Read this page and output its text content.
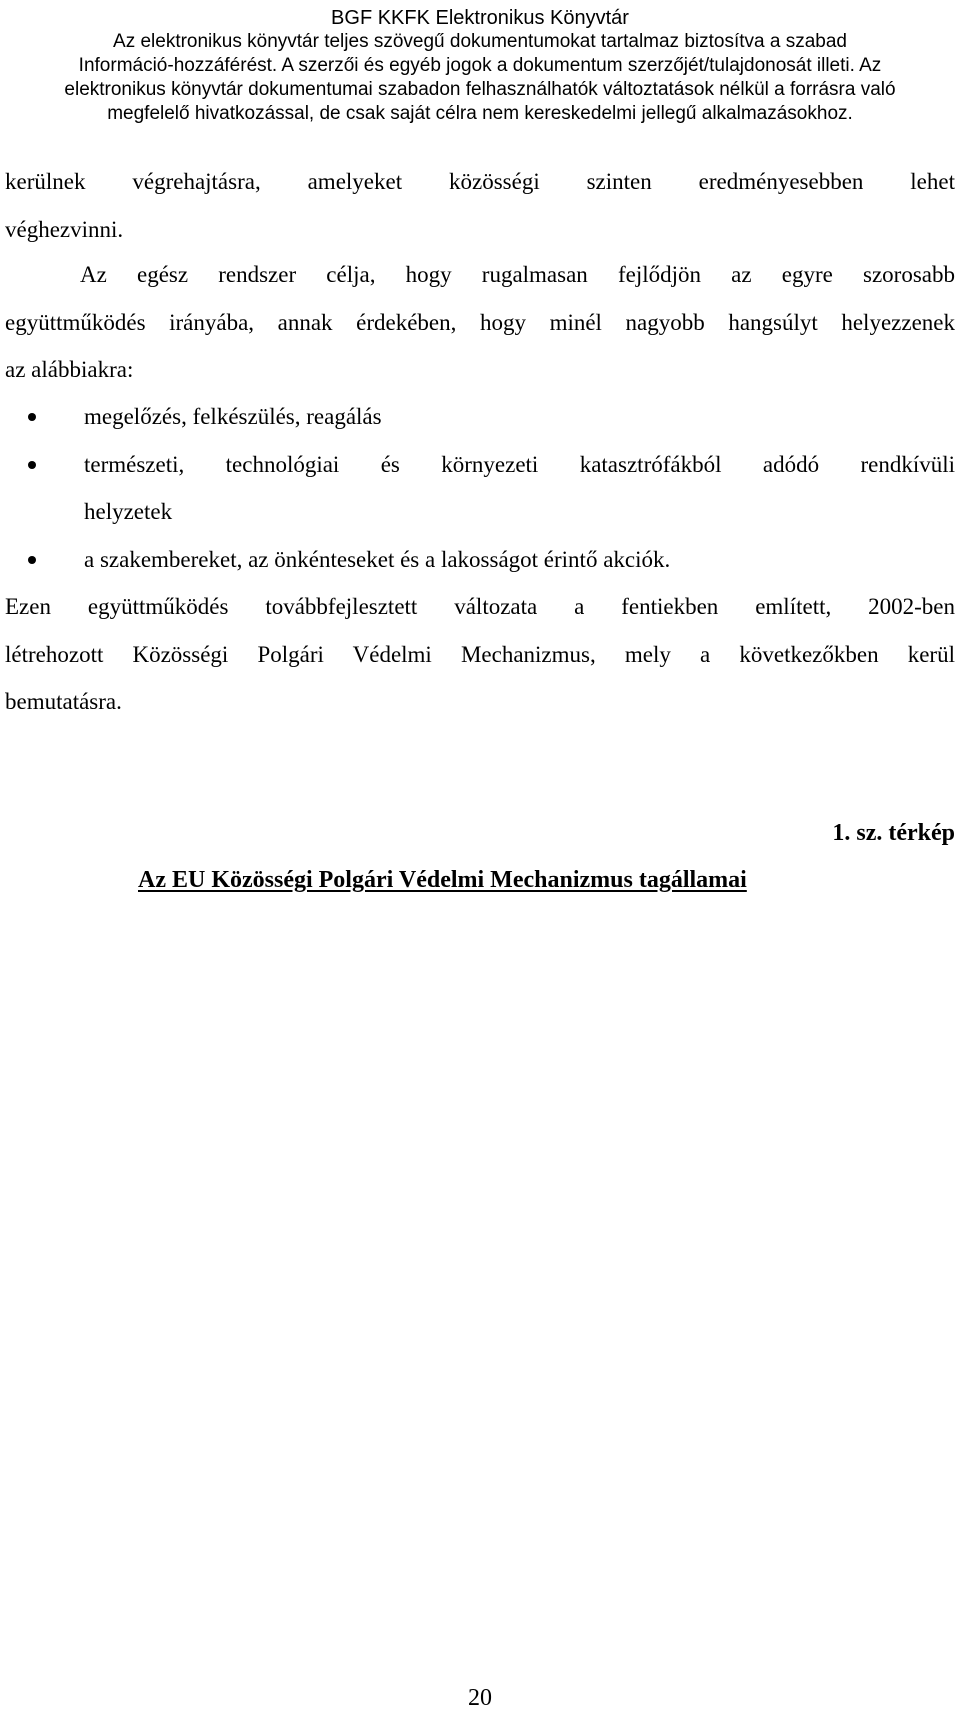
BGF KKFK Elektronikus Könyvtár
Az elektronikus könyvtár teljes szövegű dokumentumokat tartalmaz biztosítva a szabad
Információ-hozzáférést. A szerzői és egyéb jogok a dokumentum szerzőjét/tulajdonosát illeti. Az
elektronikus könyvtár dokumentumai szabadon felhasználhatók változtatások nélkül a forrásra való
megfelelő hivatkozással, de csak saját célra nem kereskedelmi jellegű alkalmazásokhoz.
kerülnek végrehajtásra, amelyeket közösségi szinten eredményesebben lehet
véghezvinni.
Az egész rendszer célja, hogy rugalmasan fejlődjön az egyre szorosabb
együttműködés irányába, annak érdekében, hogy minél nagyobb hangsúlyt helyezzenek
az alábbiakra:
megelőzés, felkészülés, reagálás
természeti, technológiai és környezeti katasztrófákból adódó rendkívüli
helyzetek
a szakembereket, az önkénteseket és a lakosságot érintő akciók.
Ezen együttműködés továbbfejlesztett változata a fentiekben említett, 2002-ben
létrehozott Közösségi Polgári Védelmi Mechanizmus, mely a következőkben kerül
bemutatásra.
1. sz. térkép
Az EU Közösségi Polgári Védelmi Mechanizmus tagállamai
20
